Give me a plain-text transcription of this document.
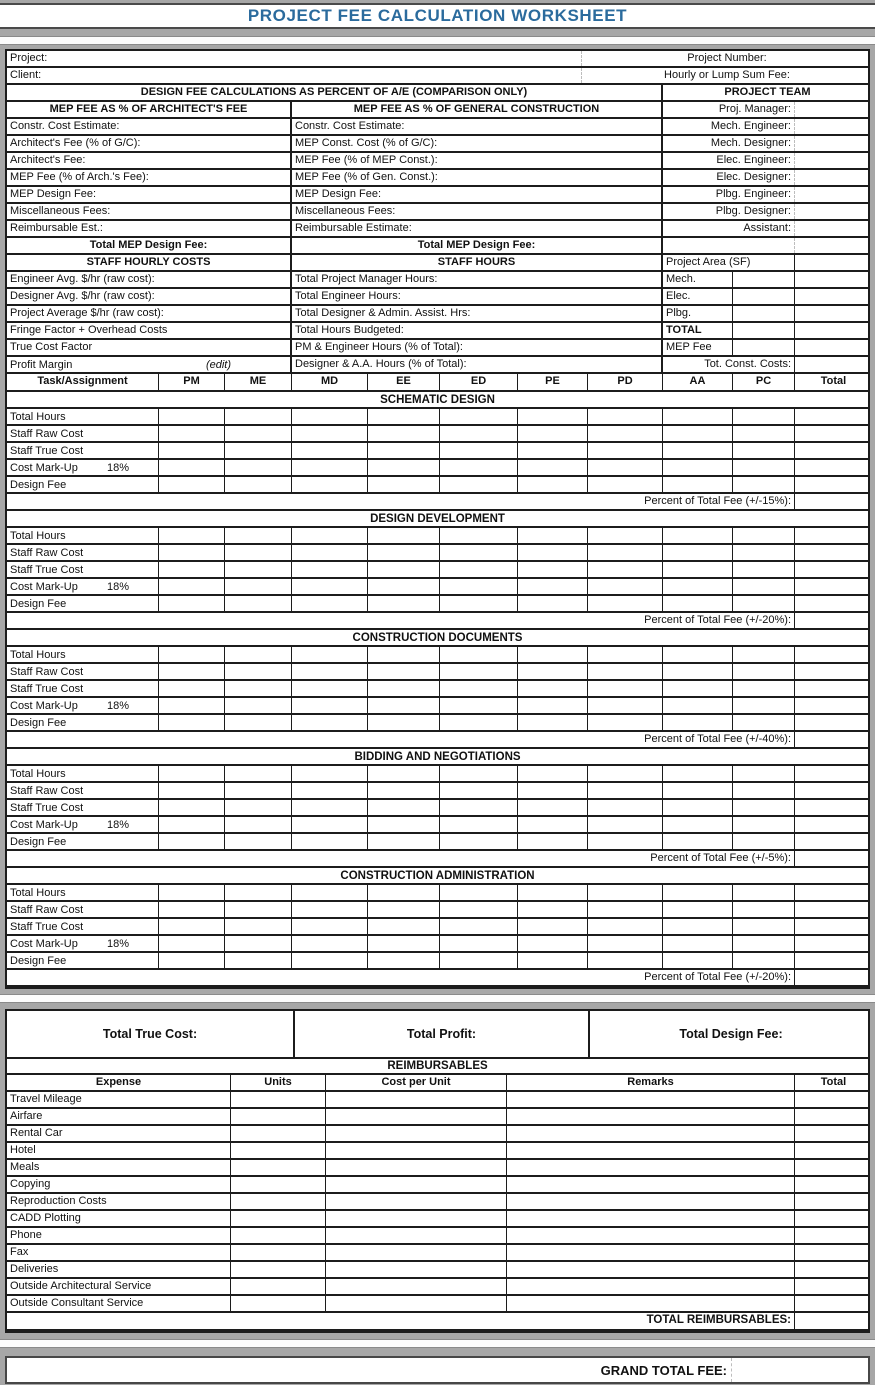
PROJECT FEE CALCULATION WORKSHEET
Project:	Project Number:
Client:	Hourly or Lump Sum Fee:
DESIGN FEE CALCULATIONS AS PERCENT OF A/E (COMPARISON ONLY)	PROJECT TEAM
MEP FEE AS % OF ARCHITECT'S FEE	MEP FEE AS % OF GENERAL CONSTRUCTION	Proj. Manager:
Constr. Cost Estimate:	Constr. Cost Estimate:	Mech. Engineer:
Architect's Fee (% of G/C):	MEP Const. Cost (% of G/C):	Mech. Designer:
Architect's Fee:	MEP Fee (% of MEP Const.):	Elec. Engineer:
MEP Fee (% of Arch.'s Fee):	MEP Fee (% of Gen. Const.):	Elec. Designer:
MEP Design Fee:	MEP Design Fee:	Plbg. Engineer:
Miscellaneous Fees:	Miscellaneous Fees:	Plbg. Designer:
Reimbursable Est.:	Reimbursable Estimate:	Assistant:
Total MEP Design Fee:	Total MEP Design Fee:
STAFF HOURLY COSTS	STAFF HOURS	Project Area (SF)
Engineer Avg. $/hr (raw cost):	Total Project Manager Hours:	Mech.
Designer Avg. $/hr (raw cost):	Total Engineer Hours:	Elec.
Project Average $/hr (raw cost):	Total Designer & Admin. Assist. Hrs:	Plbg.
Fringe Factor + Overhead Costs	Total Hours Budgeted:	TOTAL
True Cost Factor	PM & Engineer Hours (% of Total):	MEP Fee
Profit Margin	(edit)	Designer & A.A. Hours (% of Total):	Tot. Const. Costs:
Task/Assignment	PM	ME	MD	EE	ED	PE	PD	AA	PC	Total
SCHEMATIC DESIGN
Total Hours
Staff Raw Cost
Staff True Cost
Cost Mark-Up	18%
Design Fee
Percent of Total Fee (+/-15%):
DESIGN DEVELOPMENT
Total Hours
Staff Raw Cost
Staff True Cost
Cost Mark-Up	18%
Design Fee
Percent of Total Fee (+/-20%):
CONSTRUCTION DOCUMENTS
Total Hours
Staff Raw Cost
Staff True Cost
Cost Mark-Up	18%
Design Fee
Percent of Total Fee (+/-40%):
BIDDING AND NEGOTIATIONS
Total Hours
Staff Raw Cost
Staff True Cost
Cost Mark-Up	18%
Design Fee
Percent of Total Fee (+/-5%):
CONSTRUCTION ADMINISTRATION
Total Hours
Staff Raw Cost
Staff True Cost
Cost Mark-Up	18%
Design Fee
Percent of Total Fee (+/-20%):
Total True Cost:	Total Profit:	Total Design Fee:
REIMBURSABLES
Expense	Units	Cost per Unit	Remarks	Total
Travel Mileage
Airfare
Rental Car
Hotel
Meals
Copying
Reproduction Costs
CADD Plotting
Phone
Fax
Deliveries
Outside Architectural Service
Outside Consultant Service
TOTAL REIMBURSABLES:
GRAND TOTAL FEE:
